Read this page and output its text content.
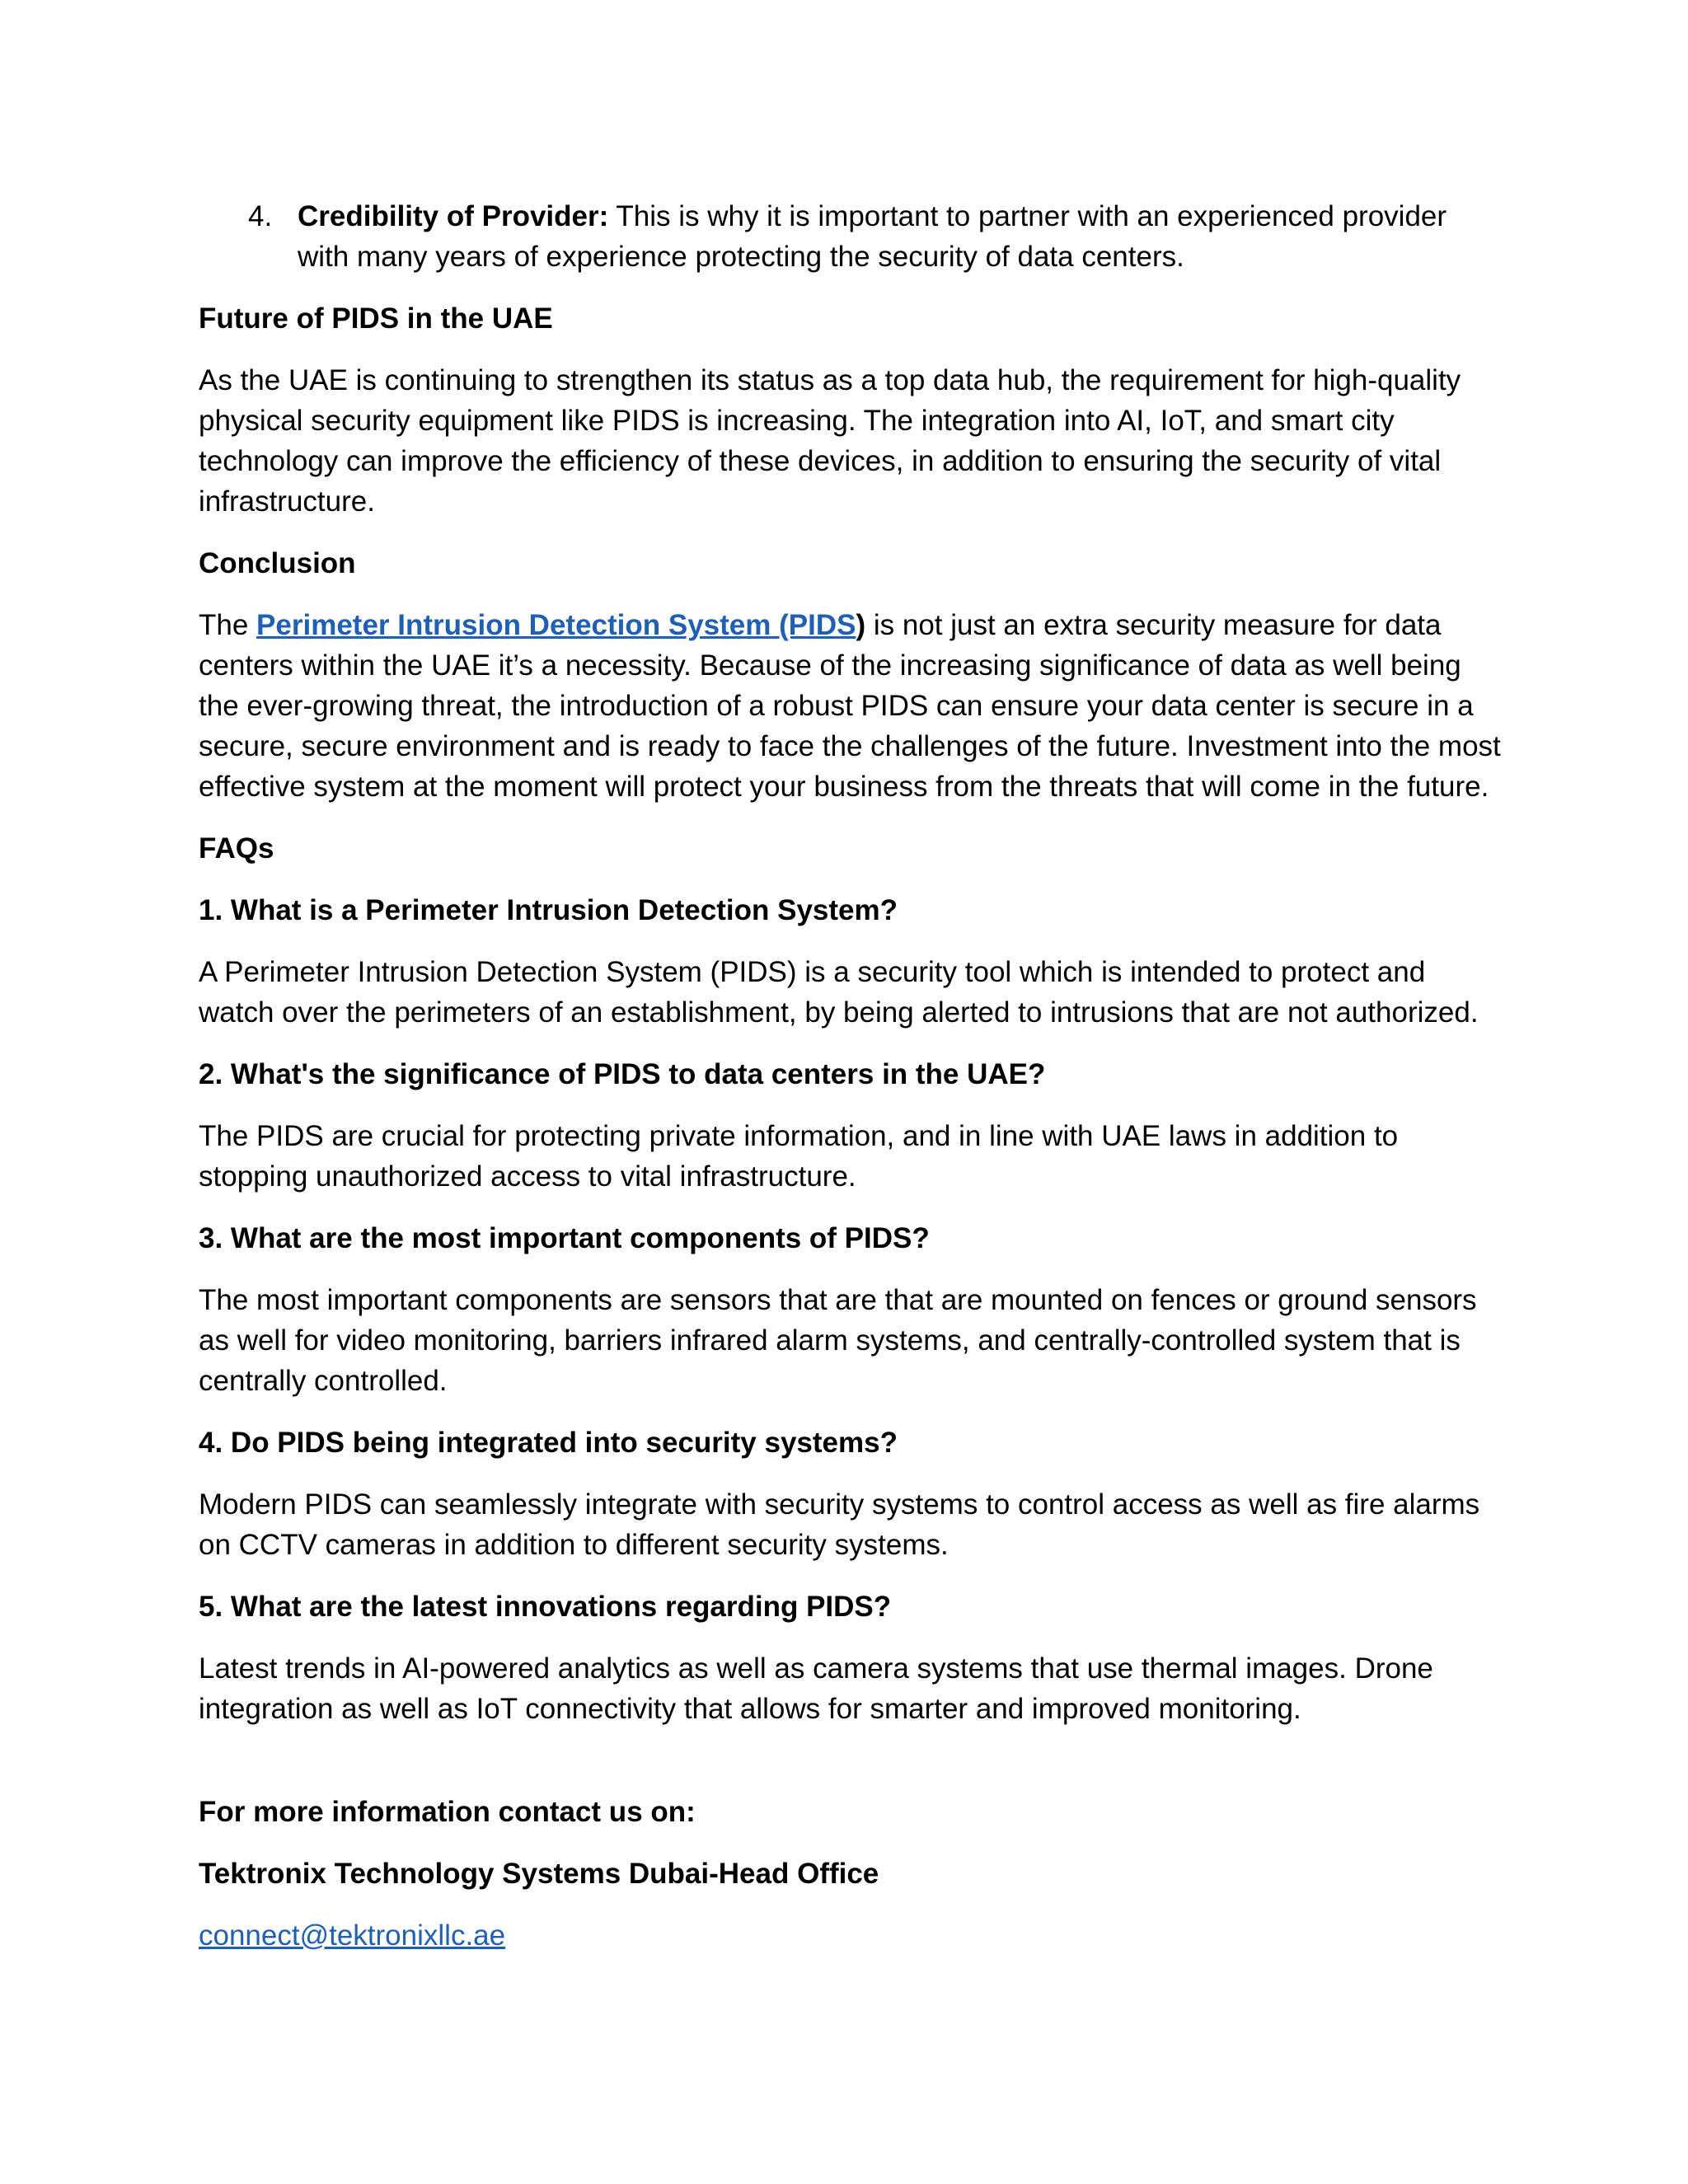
4. Credibility of Provider: This is why it is important to partner with an experienced provider with many years of experience protecting the security of data centers.

Future of PIDS in the UAE

As the UAE is continuing to strengthen its status as a top data hub, the requirement for high-quality physical security equipment like PIDS is increasing. The integration into AI, IoT, and smart city technology can improve the efficiency of these devices, in addition to ensuring the security of vital infrastructure.

Conclusion

The Perimeter Intrusion Detection System (PIDS) is not just an extra security measure for data centers within the UAE it’s a necessity. Because of the increasing significance of data as well being the ever-growing threat, the introduction of a robust PIDS can ensure your data center is secure in a secure, secure environment and is ready to face the challenges of the future. Investment into the most effective system at the moment will protect your business from the threats that will come in the future.

FAQs

1. What is a Perimeter Intrusion Detection System?

A Perimeter Intrusion Detection System (PIDS) is a security tool which is intended to protect and watch over the perimeters of an establishment, by being alerted to intrusions that are not authorized.

2. What's the significance of PIDS to data centers in the UAE?

The PIDS are crucial for protecting private information, and in line with UAE laws in addition to stopping unauthorized access to vital infrastructure.

3. What are the most important components of PIDS?

The most important components are sensors that are that are mounted on fences or ground sensors as well for video monitoring, barriers infrared alarm systems, and centrally-controlled system that is centrally controlled.

4. Do PIDS being integrated into security systems?

Modern PIDS can seamlessly integrate with security systems to control access as well as fire alarms on CCTV cameras in addition to different security systems.

5. What are the latest innovations regarding PIDS?

Latest trends in AI-powered analytics as well as camera systems that use thermal images. Drone integration as well as IoT connectivity that allows for smarter and improved monitoring.

For more information contact us on:

Tektronix Technology Systems Dubai-Head Office

connect@tektronixllc.ae
